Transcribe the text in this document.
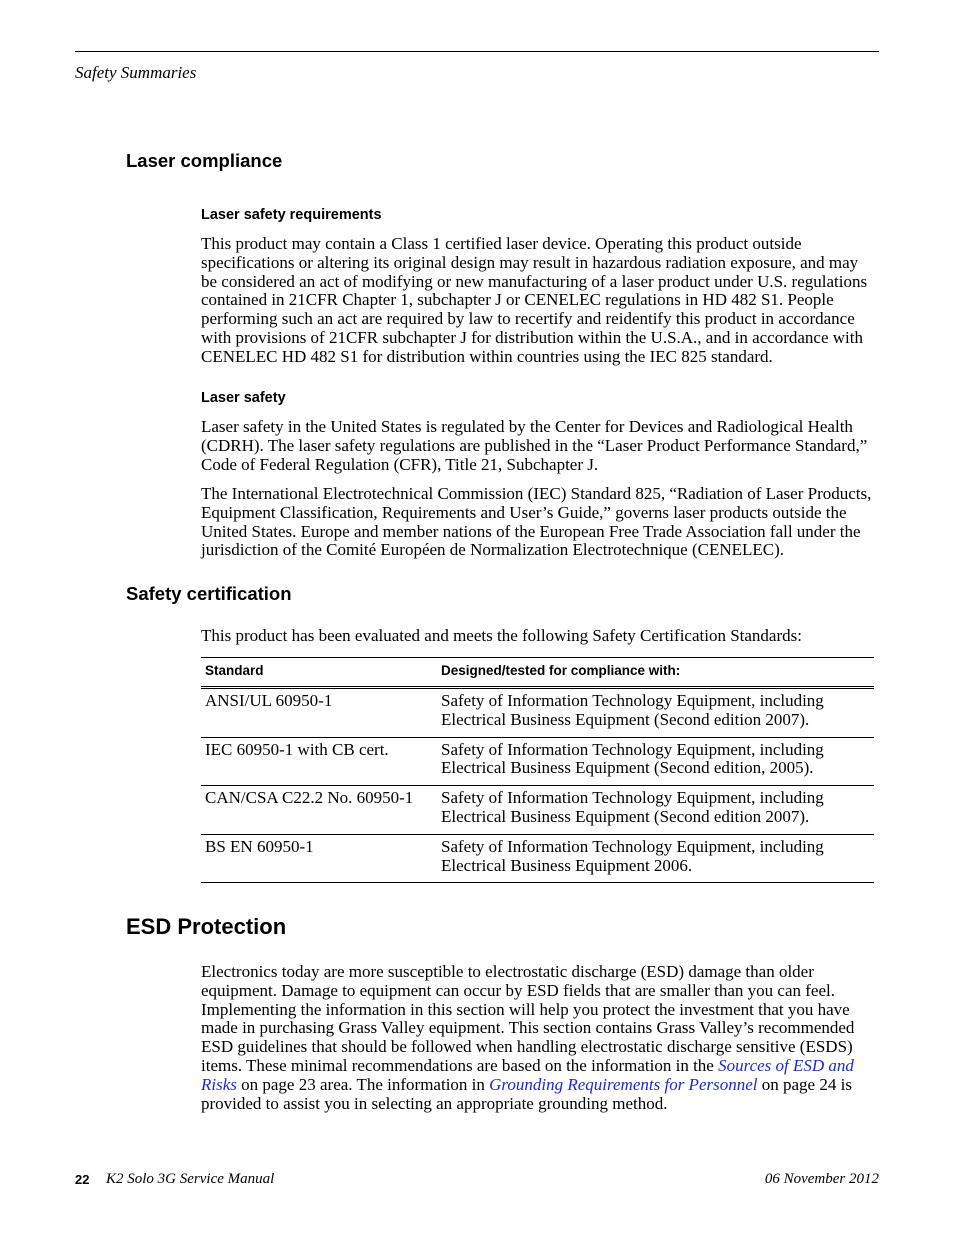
Safety Summaries
Laser compliance
Laser safety requirements
This product may contain a Class 1 certified laser device. Operating this product outside specifications or altering its original design may result in hazardous radiation exposure, and may be considered an act of modifying or new manufacturing of a laser product under U.S. regulations contained in 21CFR Chapter 1, subchapter J or CENELEC regulations in HD 482 S1. People performing such an act are required by law to recertify and reidentify this product in accordance with provisions of 21CFR subchapter J for distribution within the U.S.A., and in accordance with CENELEC HD 482 S1 for distribution within countries using the IEC 825 standard.
Laser safety
Laser safety in the United States is regulated by the Center for Devices and Radiological Health (CDRH). The laser safety regulations are published in the “Laser Product Performance Standard,” Code of Federal Regulation (CFR), Title 21, Subchapter J.
The International Electrotechnical Commission (IEC) Standard 825, “Radiation of Laser Products, Equipment Classification, Requirements and User’s Guide,” governs laser products outside the United States. Europe and member nations of the European Free Trade Association fall under the jurisdiction of the Comité Européen de Normalization Electrotechnique (CENELEC).
Safety certification
This product has been evaluated and meets the following Safety Certification Standards:
Standard	Designed/tested for compliance with:
ANSI/UL 60950-1	Safety of Information Technology Equipment, including Electrical Business Equipment (Second edition 2007).
IEC 60950-1 with CB cert.	Safety of Information Technology Equipment, including Electrical Business Equipment (Second edition, 2005).
CAN/CSA C22.2 No. 60950-1	Safety of Information Technology Equipment, including Electrical Business Equipment (Second edition 2007).
BS EN 60950-1	Safety of Information Technology Equipment, including Electrical Business Equipment 2006.
ESD Protection
Electronics today are more susceptible to electrostatic discharge (ESD) damage than older equipment. Damage to equipment can occur by ESD fields that are smaller than you can feel. Implementing the information in this section will help you protect the investment that you have made in purchasing Grass Valley equipment. This section contains Grass Valley’s recommended ESD guidelines that should be followed when handling electrostatic discharge sensitive (ESDS) items. These minimal recommendations are based on the information in the Sources of ESD and Risks on page 23 area. The information in Grounding Requirements for Personnel on page 24 is provided to assist you in selecting an appropriate grounding method.
22 K2 Solo 3G Service Manual	06 November 2012
